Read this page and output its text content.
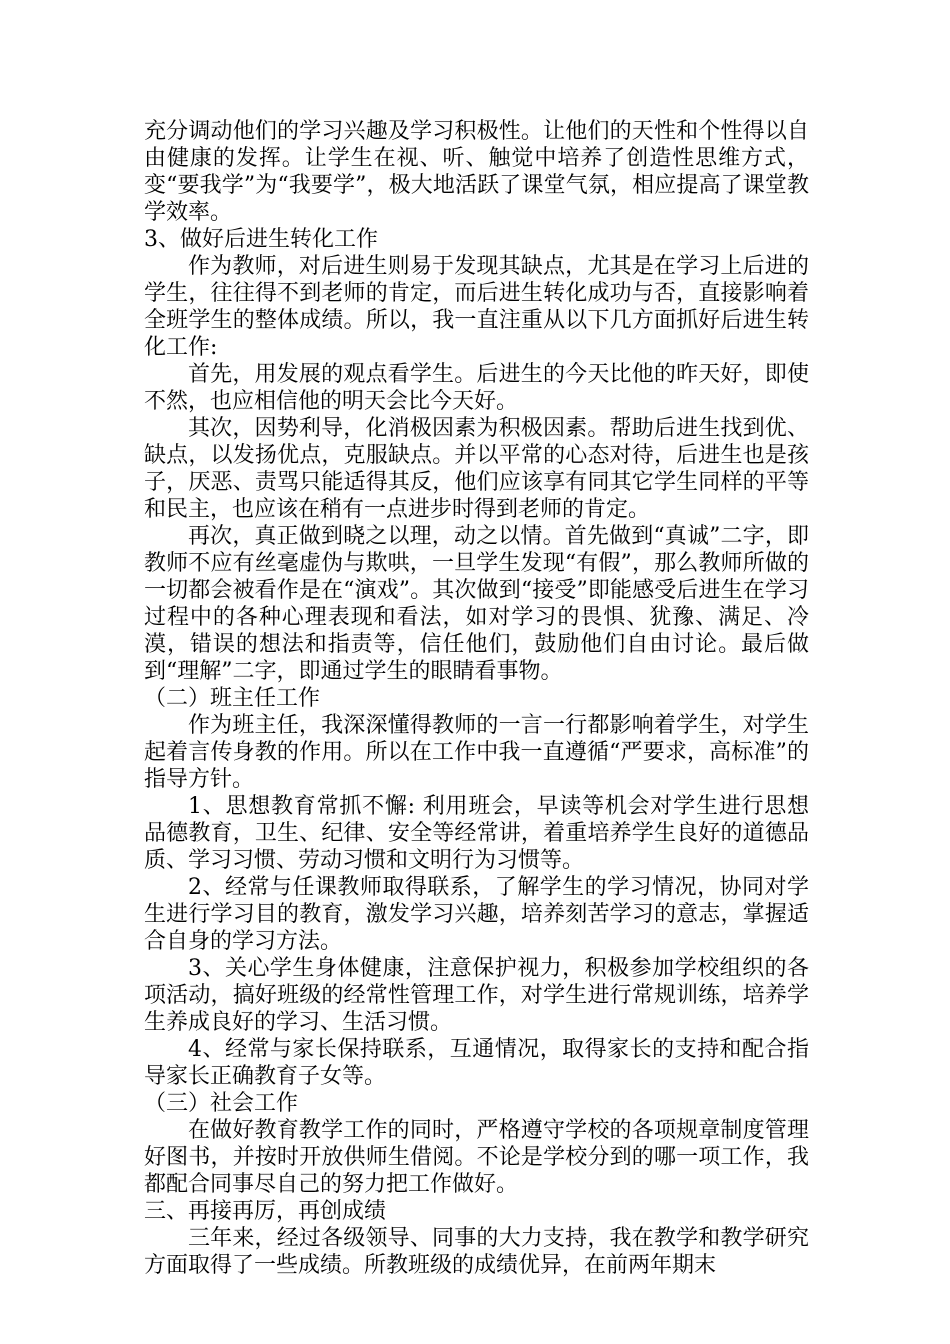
充分调动他们的学习兴趣及学习积极性。让他们的天性和个性得以自由健康的发挥。让学生在视、听、触觉中培养了创造性思维方式，变“要我学”为“我要学”，极大地活跃了课堂气氛，相应提高了课堂教学效率。

3、做好后进生转化工作

作为教师，对后进生则易于发现其缺点，尤其是在学习上后进的学生，往往得不到老师的肯定，而后进生转化成功与否，直接影响着全班学生的整体成绩。所以，我一直注重从以下几方面抓好后进生转化工作:

首先，用发展的观点看学生。后进生的今天比他的昨天好，即使不然，也应相信他的明天会比今天好。

其次，因势利导，化消极因素为积极因素。帮助后进生找到优、缺点，以发扬优点，克服缺点。并以平常的心态对待，后进生也是孩子，厌恶、责骂只能适得其反，他们应该享有同其它学生同样的平等和民主，也应该在稍有一点进步时得到老师的肯定。

再次，真正做到晓之以理，动之以情。首先做到“真诚”二字，即教师不应有丝毫虚伪与欺哄，一旦学生发现“有假”，那么教师所做的一切都会被看作是在“演戏”。其次做到“接受”即能感受后进生在学习过程中的各种心理表现和看法，如对学习的畏惧、犹豫、满足、冷漠，错误的想法和指责等，信任他们，鼓励他们自由讨论。最后做到“理解”二字，即通过学生的眼睛看事物。

（二）班主任工作

作为班主任，我深深懂得教师的一言一行都影响着学生，对学生起着言传身教的作用。所以在工作中我一直遵循“严要求，高标准”的指导方针。

1、思想教育常抓不懈: 利用班会，早读等机会对学生进行思想品德教育，卫生、纪律、安全等经常讲，着重培养学生良好的道德品质、学习习惯、劳动习惯和文明行为习惯等。

2、经常与任课教师取得联系，了解学生的学习情况，协同对学生进行学习目的教育，激发学习兴趣，培养刻苦学习的意志，掌握适合自身的学习方法。

3、关心学生身体健康，注意保护视力，积极参加学校组织的各项活动，搞好班级的经常性管理工作，对学生进行常规训练，培养学生养成良好的学习、生活习惯。

4、经常与家长保持联系，互通情况，取得家长的支持和配合指导家长正确教育子女等。

（三）社会工作

在做好教育教学工作的同时，严格遵守学校的各项规章制度管理好图书，并按时开放供师生借阅。不论是学校分到的哪一项工作，我都配合同事尽自己的努力把工作做好。

三、再接再厉，再创成绩

三年来，经过各级领导、同事的大力支持，我在教学和教学研究方面取得了一些成绩。所教班级的成绩优异，在前两年期末
